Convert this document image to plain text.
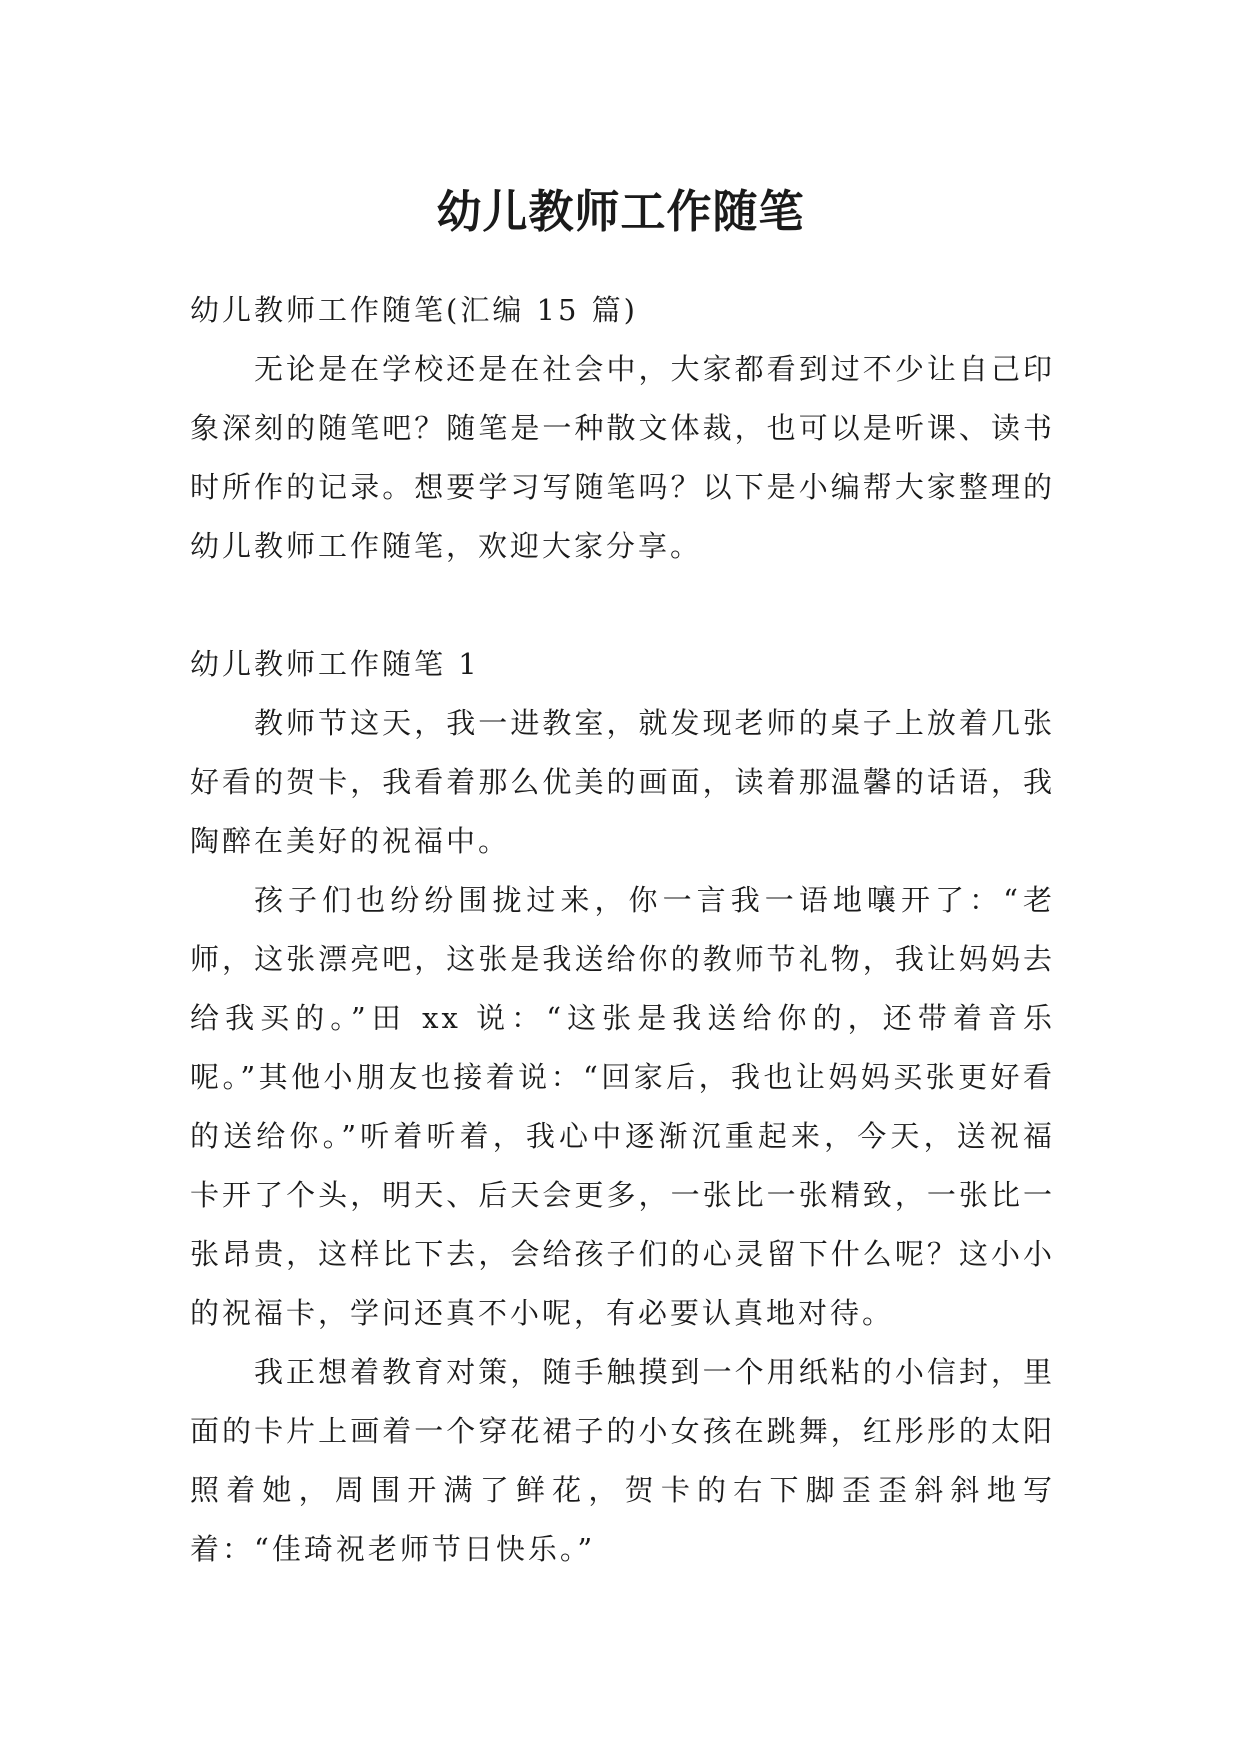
幼儿教师工作随笔

幼儿教师工作随笔(汇编 15 篇)

无论是在学校还是在社会中，大家都看到过不少让自己印象深刻的随笔吧？随笔是一种散文体裁，也可以是听课、读书时所作的记录。想要学习写随笔吗？以下是小编帮大家整理的幼儿教师工作随笔，欢迎大家分享。

幼儿教师工作随笔 1

教师节这天，我一进教室，就发现老师的桌子上放着几张好看的贺卡，我看着那么优美的画面，读着那温馨的话语，我陶醉在美好的祝福中。

孩子们也纷纷围拢过来，你一言我一语地嚷开了：“老师，这张漂亮吧，这张是我送给你的教师节礼物，我让妈妈去给我买的。”田 xx 说：“这张是我送给你的，还带着音乐呢。”其他小朋友也接着说：“回家后，我也让妈妈买张更好看的送给你。”听着听着，我心中逐渐沉重起来，今天，送祝福卡开了个头，明天、后天会更多，一张比一张精致，一张比一张昂贵，这样比下去，会给孩子们的心灵留下什么呢？这小小的祝福卡，学问还真不小呢，有必要认真地对待。

我正想着教育对策，随手触摸到一个用纸粘的小信封，里面的卡片上画着一个穿花裙子的小女孩在跳舞，红彤彤的太阳照着她，周围开满了鲜花，贺卡的右下脚歪歪斜斜地写着：“佳琦祝老师节日快乐。”
